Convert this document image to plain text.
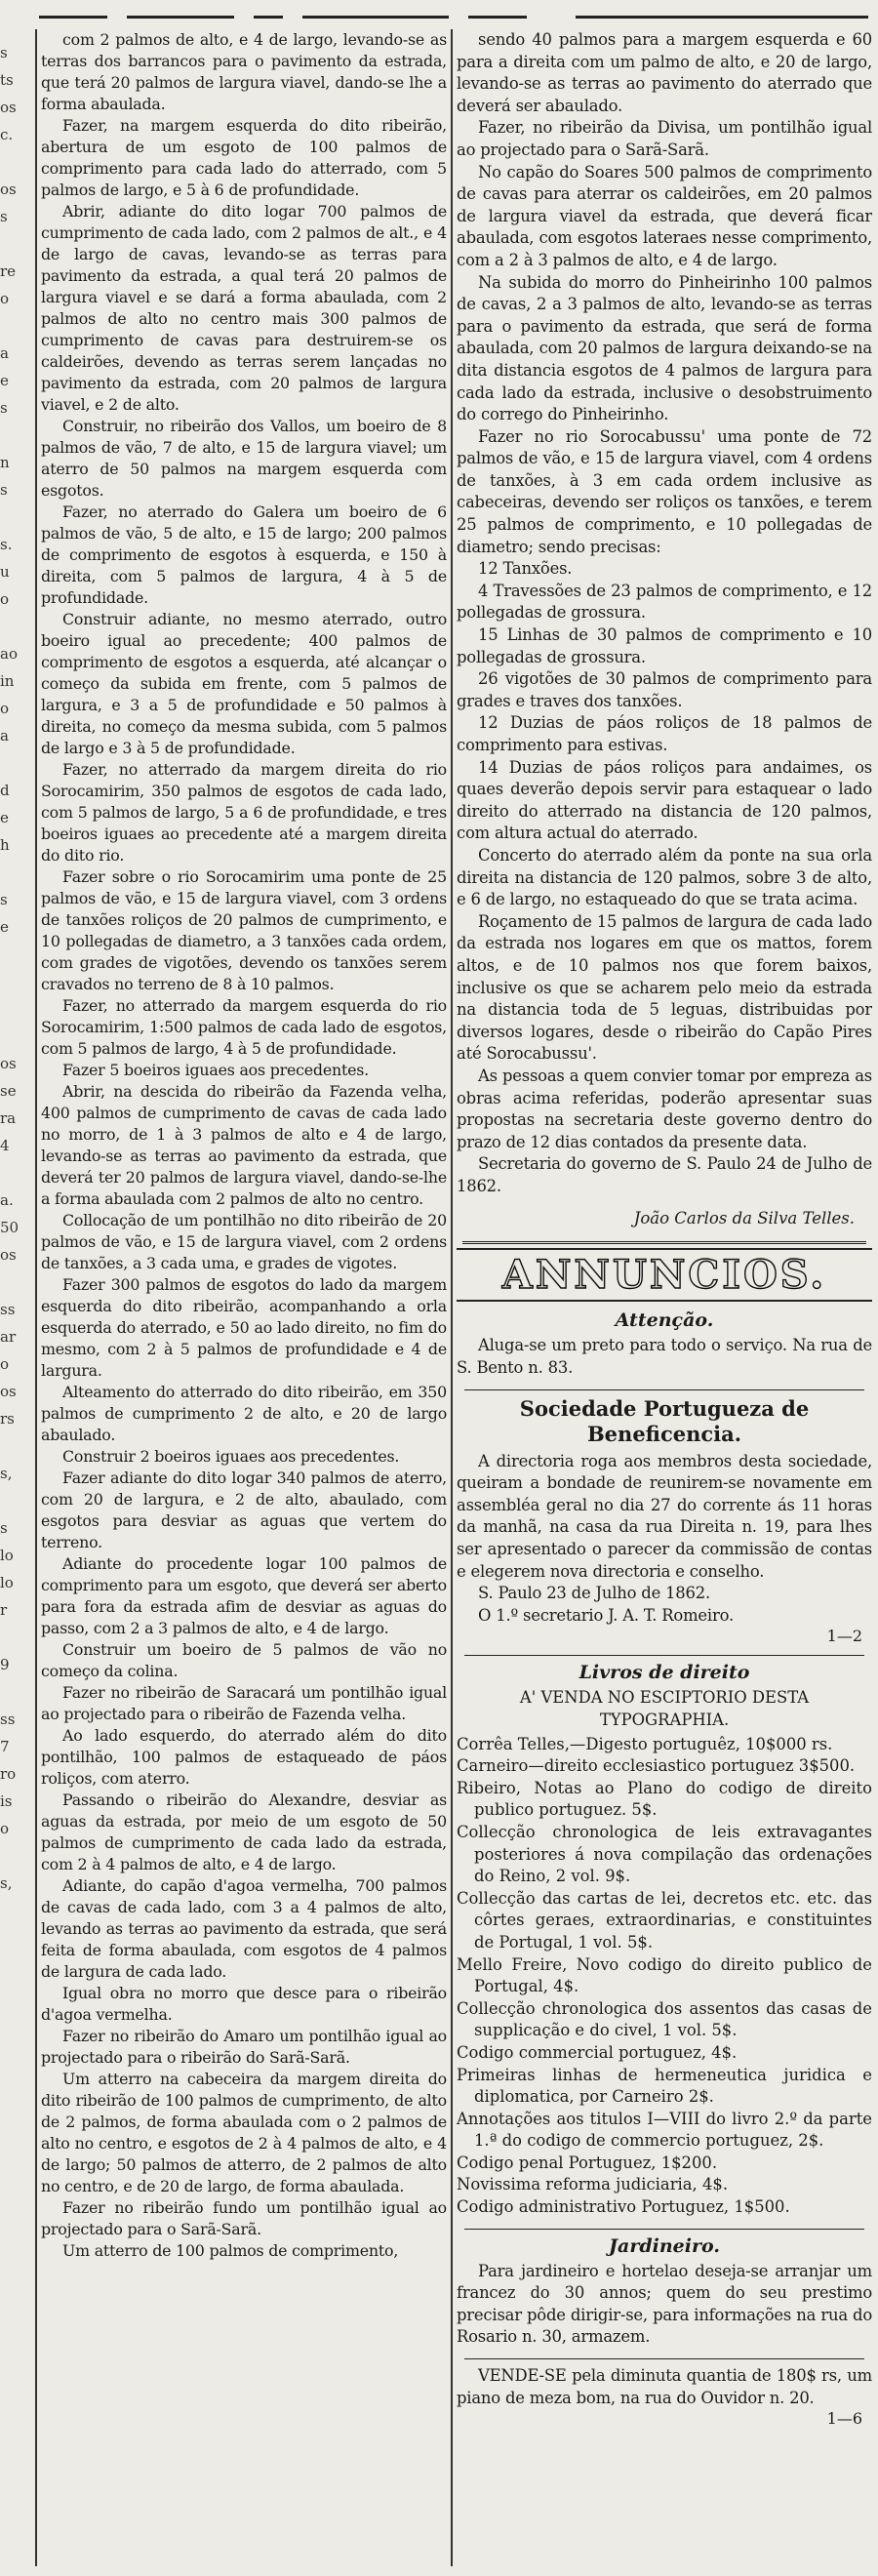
s
ts
os
c.
os
s
re
o
a
e
s
n
s
s.
u
o
ao
in
o
a
d
e
h
s
e
os
se
ra
4
a.
50
os
ss
ar
o
os
rs
s,
s
lo
lo
r
9
ss
7
ro
is
o
s,

com 2 palmos de alto, e 4 de largo, levando-se as terras dos barrancos para o pavimento da estrada, que terá 20 palmos de largura viavel, dando-se lhe a forma abaulada.

Fazer, na margem esquerda do dito ribeirão, abertura de um esgoto de 100 palmos de comprimento para cada lado do atterrado, com 5 palmos de largo, e 5 à 6 de profundidade.

Abrir, adiante do dito logar 700 palmos de cumprimento de cada lado, com 2 palmos de alt., e 4 de largo de cavas, levando-se as terras para pavimento da estrada, a qual terá 20 palmos de largura viavel e se dará a forma abaulada, com 2 palmos de alto no centro mais 300 palmos de cumprimento de cavas para destruirem-se os caldeirões, devendo as terras serem lançadas no pavimento da estrada, com 20 palmos de largura viavel, e 2 de alto.

Construir, no ribeirão dos Vallos, um boeiro de 8 palmos de vão, 7 de alto, e 15 de largura viavel; um aterro de 50 palmos na margem esquerda com esgotos.

Fazer, no aterrado do Galera um boeiro de 6 palmos de vão, 5 de alto, e 15 de largo; 200 palmos de comprimento de esgotos à esquerda, e 150 à direita, com 5 palmos de largura, 4 à 5 de profundidade.

Construir adiante, no mesmo aterrado, outro boeiro igual ao precedente; 400 palmos de comprimento de esgotos a esquerda, até alcançar o começo da subida em frente, com 5 palmos de largura, e 3 a 5 de profundidade e 50 palmos à direita, no começo da mesma subida, com 5 palmos de largo e 3 à 5 de profundidade.

Fazer, no atterrado da margem direita do rio Sorocamirim, 350 palmos de esgotos de cada lado, com 5 palmos de largo, 5 a 6 de profundidade, e tres boeiros iguaes ao precedente até a margem direita do dito rio.

Fazer sobre o rio Sorocamirim uma ponte de 25 palmos de vão, e 15 de largura viavel, com 3 ordens de tanxões roliços de 20 palmos de cumprimento, e 10 pollegadas de diametro, a 3 tanxões cada ordem, com grades de vigotões, devendo os tanxões serem cravados no terreno de 8 à 10 palmos.

Fazer, no atterrado da margem esquerda do rio Sorocamirim, 1:500 palmos de cada lado de esgotos, com 5 palmos de largo, 4 à 5 de profundidade.

Fazer 5 boeiros iguaes aos precedentes.

Abrir, na descida do ribeirão da Fazenda velha, 400 palmos de cumprimento de cavas de cada lado no morro, de 1 à 3 palmos de alto e 4 de largo, levando-se as terras ao pavimento da estrada, que deverá ter 20 palmos de largura viavel, dando-se-lhe a forma abaulada com 2 palmos de alto no centro.

Collocação de um pontilhão no dito ribeirão de 20 palmos de vão, e 15 de largura viavel, com 2 ordens de tanxões, a 3 cada uma, e grades de vigotes.

Fazer 300 palmos de esgotos do lado da margem esquerda do dito ribeirão, acompanhando a orla esquerda do aterrado, e 50 ao lado direito, no fim do mesmo, com 2 à 5 palmos de profundidade e 4 de largura.

Alteamento do atterrado do dito ribeirão, em 350 palmos de cumprimento 2 de alto, e 20 de largo abaulado.

Construir 2 boeiros iguaes aos precedentes.

Fazer adiante do dito logar 340 palmos de aterro, com 20 de largura, e 2 de alto, abaulado, com esgotos para desviar as aguas que vertem do terreno.

Adiante do procedente logar 100 palmos de comprimento para um esgoto, que deverá ser aberto para fora da estrada afim de desviar as aguas do passo, com 2 a 3 palmos de alto, e 4 de largo.

Construir um boeiro de 5 palmos de vão no começo da colina.

Fazer no ribeirão de Saracará um pontilhão igual ao projectado para o ribeirão de Fazenda velha.

Ao lado esquerdo, do aterrado além do dito pontilhão, 100 palmos de estaqueado de páos roliços, com aterro.

Passando o ribeirão do Alexandre, desviar as aguas da estrada, por meio de um esgoto de 50 palmos de cumprimento de cada lado da estrada, com 2 à 4 palmos de alto, e 4 de largo.

Adiante, do capão d'agoa vermelha, 700 palmos de cavas de cada lado, com 3 a 4 palmos de alto, levando as terras ao pavimento da estrada, que será feita de forma abaulada, com esgotos de 4 palmos de largura de cada lado.

Igual obra no morro que desce para o ribeirão d'agoa vermelha.

Fazer no ribeirão do Amaro um pontilhão igual ao projectado para o ribeirão do Sarã-Sarã.

Um atterro na cabeceira da margem direita do dito ribeirão de 100 palmos de cumprimento, de alto de 2 palmos, de forma abaulada com o 2 palmos de alto no centro, e esgotos de 2 à 4 palmos de alto, e 4 de largo; 50 palmos de atterro, de 2 palmos de alto no centro, e de 20 de largo, de forma abaulada.

Fazer no ribeirão fundo um pontilhão igual ao projectado para o Sarã-Sarã.

Um atterro de 100 palmos de comprimento,

sendo 40 palmos para a margem esquerda e 60 para a direita com um palmo de alto, e 20 de largo, levando-se as terras ao pavimento do aterrado que deverá ser abaulado.

Fazer, no ribeirão da Divisa, um pontilhão igual ao projectado para o Sarã-Sarã.

No capão do Soares 500 palmos de comprimento de cavas para aterrar os caldeirões, em 20 palmos de largura viavel da estrada, que deverá ficar abaulada, com esgotos lateraes nesse comprimento, com a 2 à 3 palmos de alto, e 4 de largo.

Na subida do morro do Pinheirinho 100 palmos de cavas, 2 a 3 palmos de alto, levando-se as terras para o pavimento da estrada, que será de forma abaulada, com 20 palmos de largura deixando-se na dita distancia esgotos de 4 palmos de largura para cada lado da estrada, inclusive o desobstruimento do corrego do Pinheirinho.

Fazer no rio Sorocabussu' uma ponte de 72 palmos de vão, e 15 de largura viavel, com 4 ordens de tanxões, à 3 em cada ordem inclusive as cabeceiras, devendo ser roliços os tanxões, e terem 25 palmos de comprimento, e 10 pollegadas de diametro; sendo precisas:

12 Tanxões.

4 Travessões de 23 palmos de comprimento, e 12 pollegadas de grossura.

15 Linhas de 30 palmos de comprimento e 10 pollegadas de grossura.

26 vigotões de 30 palmos de comprimento para grades e traves dos tanxões.

12 Duzias de páos roliços de 18 palmos de comprimento para estivas.

14 Duzias de páos roliços para andaimes, os quaes deverão depois servir para estaquear o lado direito do atterrado na distancia de 120 palmos, com altura actual do aterrado.

Concerto do aterrado além da ponte na sua orla direita na distancia de 120 palmos, sobre 3 de alto, e 6 de largo, no estaqueado do que se trata acima.

Roçamento de 15 palmos de largura de cada lado da estrada nos logares em que os mattos, forem altos, e de 10 palmos nos que forem baixos, inclusive os que se acharem pelo meio da estrada na distancia toda de 5 leguas, distribuidas por diversos logares, desde o ribeirão do Capão Pires até Sorocabussu'.

As pessoas a quem convier tomar por empreza as obras acima referidas, poderão apresentar suas propostas na secretaria deste governo dentro do prazo de 12 dias contados da presente data.

Secretaria do governo de S. Paulo 24 de Julho de 1862.

João Carlos da Silva Telles.
ANNUNCIOS.
Attenção.

Aluga-se um preto para todo o serviço. Na rua de S. Bento n. 83.

Sociedade Portugueza de Beneficencia.

A directoria roga aos membros desta sociedade, queiram a bondade de reunirem-se novamente em assembléa geral no dia 27 do corrente ás 11 horas da manhã, na casa da rua Direita n. 19, para lhes ser apresentado o parecer da commissão de contas e elegerem nova directoria e conselho.

S. Paulo 23 de Julho de 1862.

O 1.º secretario J. A. T. Romeiro.

1—2
Livros de direito
A' VENDA NO ESCIPTORIO DESTA TYPOGRAPHIA.

Corrêa Telles,—Digesto portuguêz, 10$000 rs.

Carneiro—direito ecclesiastico portuguez 3$500.

Ribeiro, Notas ao Plano do codigo de direito publico portuguez. 5$.

Collecção chronologica de leis extravagantes posteriores á nova compilação das ordenações do Reino, 2 vol. 9$.

Collecção das cartas de lei, decretos etc. etc. das côrtes geraes, extraordinarias, e constituintes de Portugal, 1 vol. 5$.

Mello Freire, Novo codigo do direito publico de Portugal, 4$.

Collecção chronologica dos assentos das casas de supplicação e do civel, 1 vol. 5$.

Codigo commercial portuguez, 4$.

Primeiras linhas de hermeneutica juridica e diplomatica, por Carneiro 2$.

Annotações aos titulos I—VIII do livro 2.º da parte 1.ª do codigo de commercio portuguez, 2$.

Codigo penal Portuguez, 1$200.

Novissima reforma judiciaria, 4$.

Codigo administrativo Portuguez, 1$500.

Jardineiro.

Para jardineiro e hortelao deseja-se arranjar um francez do 30 annos; quem do seu prestimo precisar pôde dirigir-se, para informações na rua do Rosario n. 30, armazem.

VENDE-SE pela diminuta quantia de 180$ rs, um piano de meza bom, na rua do Ouvidor n. 20.

1—6
